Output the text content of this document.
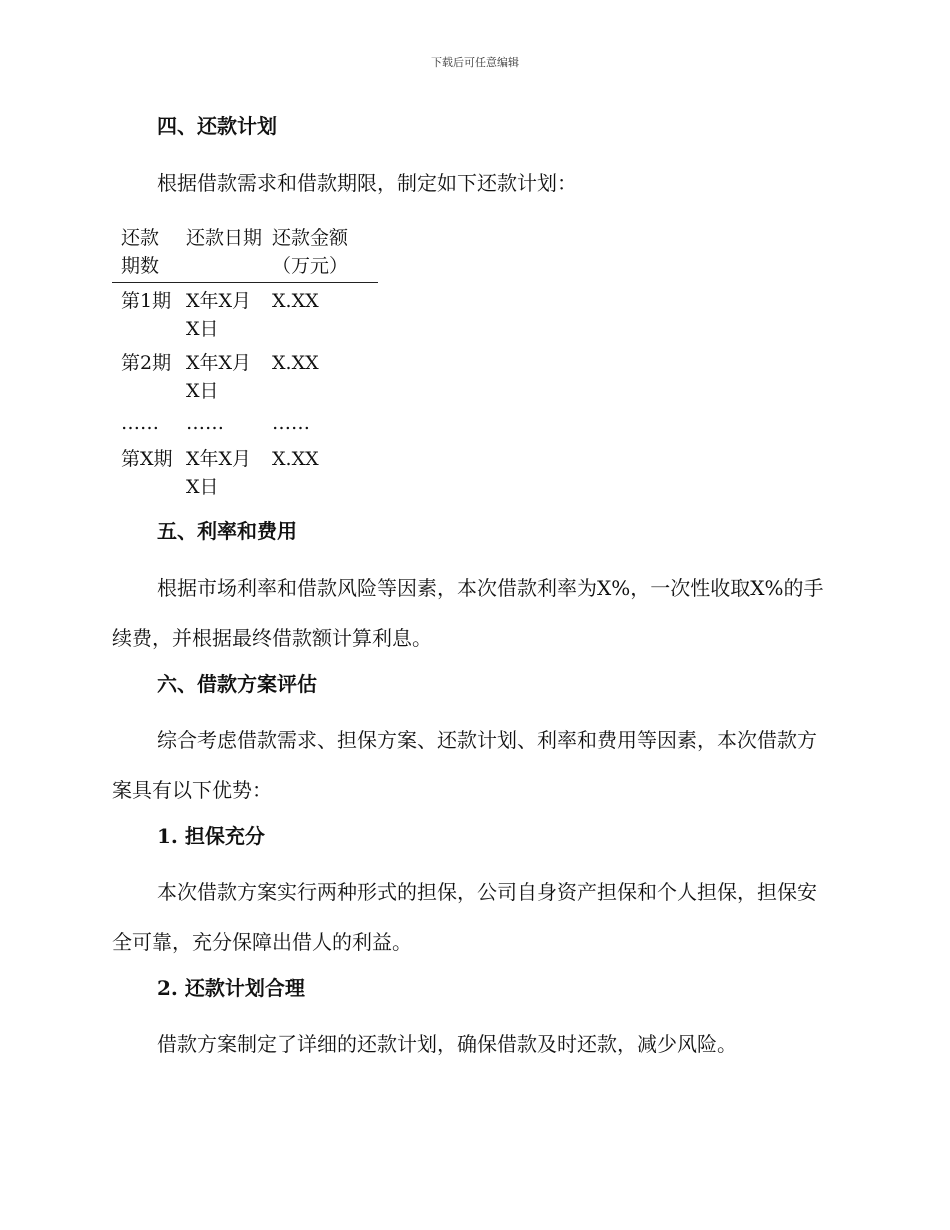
下载后可任意编辑
四、还款计划

根据借款需求和借款期限，制定如下还款计划：

还款期数	还款日期	还款金额（万元）
第1期	X年X月X日	X.XX
第2期	X年X月X日	X.XX
……	……	……
第X期	X年X月X日	X.XX
五、利率和费用

根据市场利率和借款风险等因素，本次借款利率为X%，一次性收取X%的手续费，并根据最终借款额计算利息。

六、借款方案评估

综合考虑借款需求、担保方案、还款计划、利率和费用等因素，本次借款方案具有以下优势：

1. 担保充分

本次借款方案实行两种形式的担保，公司自身资产担保和个人担保，担保安全可靠，充分保障出借人的利益。

2. 还款计划合理

借款方案制定了详细的还款计划，确保借款及时还款，减少风险。
